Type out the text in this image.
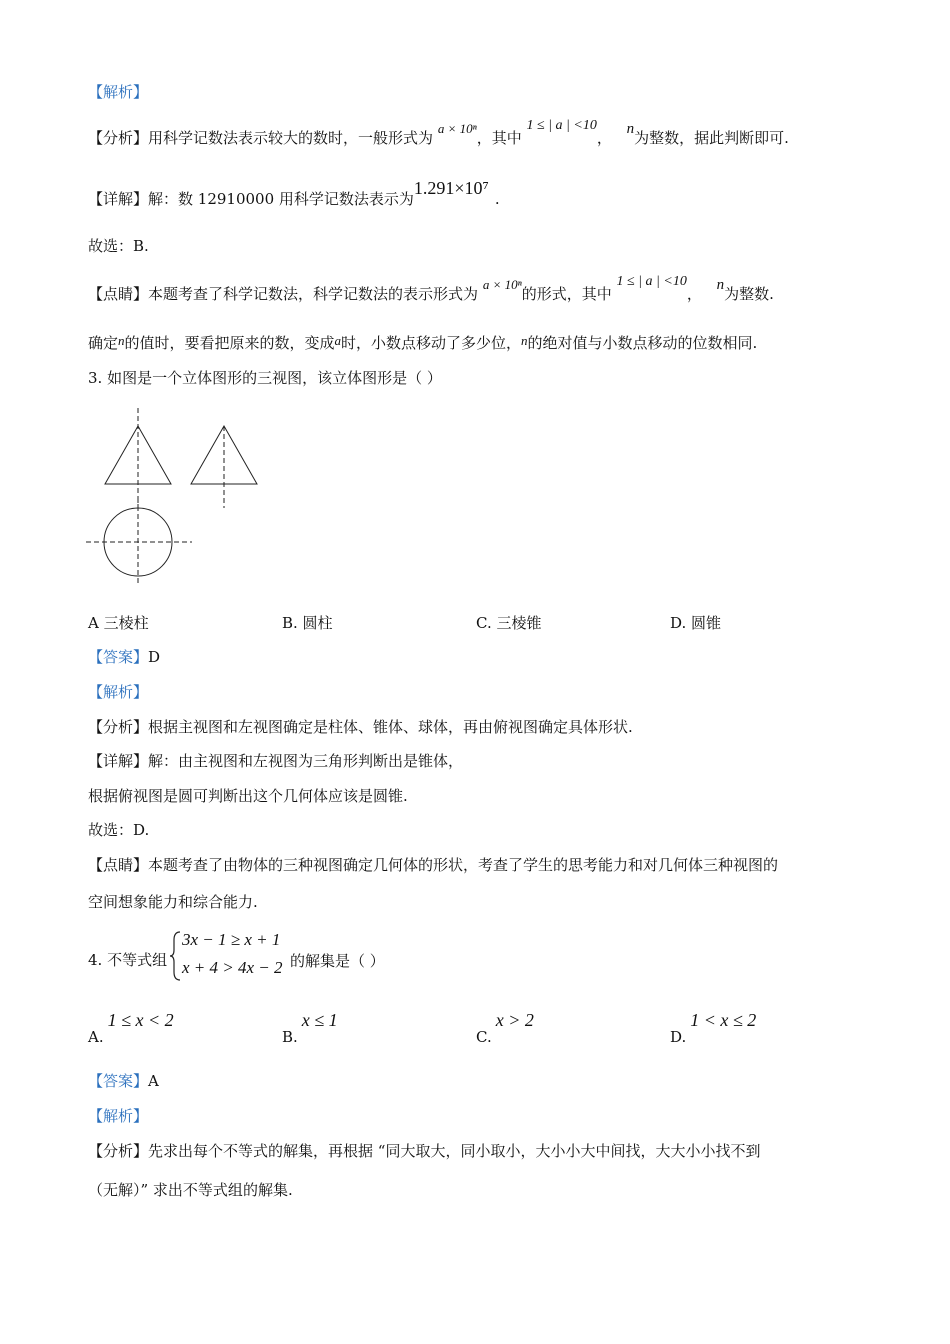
【解析】
【分析】用科学记数法表示较大的数时，一般形式为 a × 10ⁿ，其中 1 ≤ | a | <10， n为整数，据此判断即可.
【详解】解：数 12910000 用科学记数法表示为1.291×10⁷.
故选：B.
【点睛】本题考查了科学记数法，科学记数法的表示形式为 a × 10ⁿ的形式，其中 1 ≤ | a | <10， n为整数.
确定n的值时，要看把原来的数，变成a时，小数点移动了多少位，n的绝对值与小数点移动的位数相同.
3. 如图是一个立体图形的三视图，该立体图形是（ ）
A 三棱柱	B. 圆柱	C. 三棱锥	D. 圆锥
【答案】D
【解析】
【分析】根据主视图和左视图确定是柱体、锥体、球体，再由俯视图确定具体形状.
【详解】解：由主视图和左视图为三角形判断出是锥体，
根据俯视图是圆可判断出这个几何体应该是圆锥.
故选：D.
【点睛】本题考查了由物体的三种视图确定几何体的形状，考查了学生的思考能力和对几何体三种视图的
空间想象能力和综合能力.
4. 不等式组
3x − 1 ≥ x + 1
x + 4 > 4x − 2 的解集是（ ）
A.1 ≤ x < 2
B.x ≤ 1
C.x > 2
D.1 < x ≤ 2
【答案】A
【解析】
【分析】先求出每个不等式的解集，再根据 “同大取大，同小取小，大小小大中间找，大大小小找不到
（无解）” 求出不等式组的解集.
